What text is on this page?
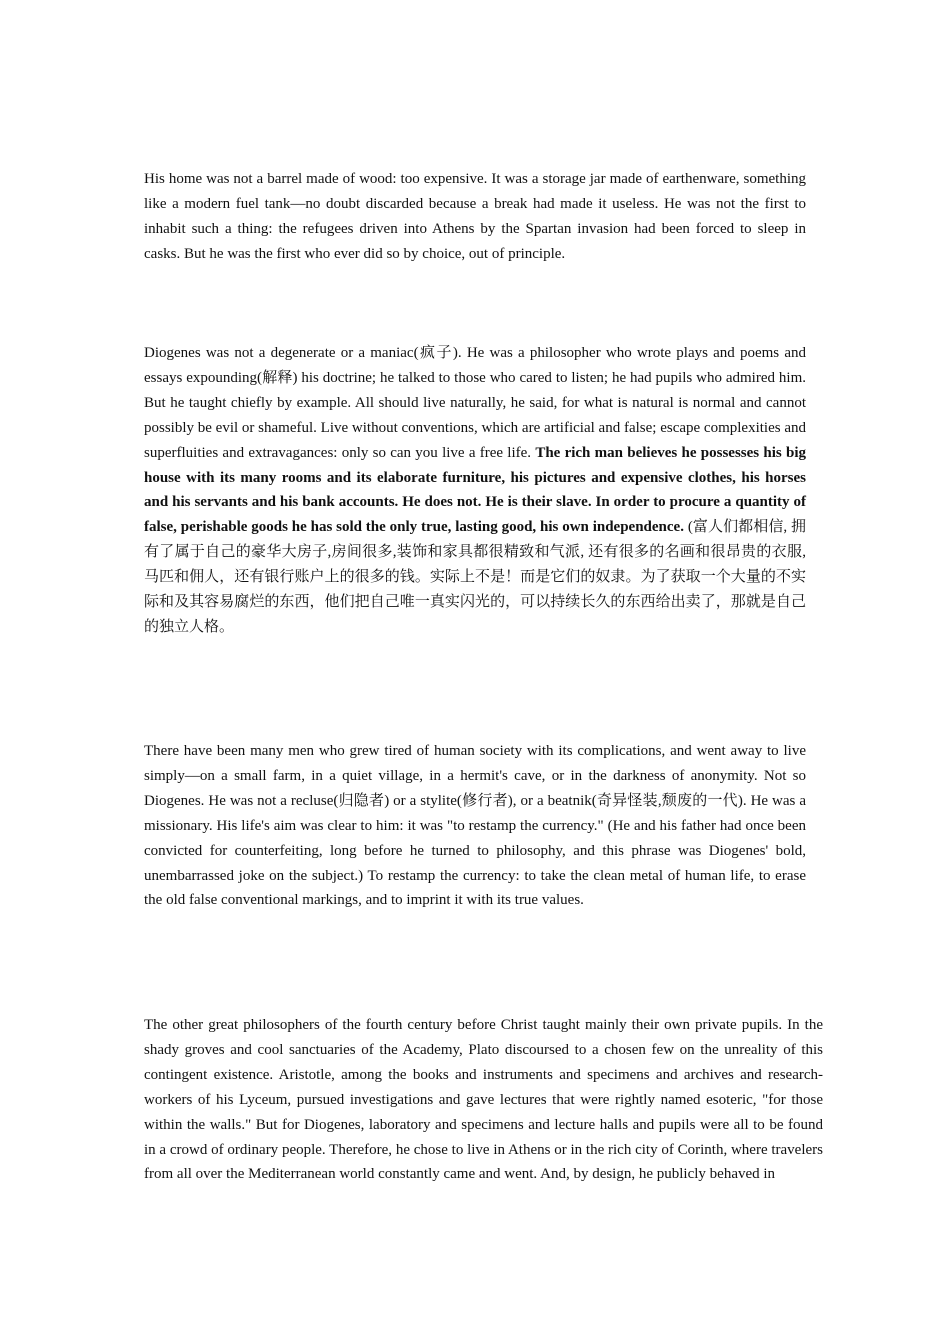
His home was not a barrel made of wood: too expensive. It was a storage jar made of earthenware, something like a modern fuel tank—no doubt discarded because a break had made it useless. He was not the first to inhabit such a thing: the refugees driven into Athens by the Spartan invasion had been forced to sleep in casks. But he was the first who ever did so by choice, out of principle.

Diogenes was not a degenerate or a maniac(疯子). He was a philosopher who wrote plays and poems and essays expounding(解释) his doctrine; he talked to those who cared to listen; he had pupils who admired him. But he taught chiefly by example. All should live naturally, he said, for what is natural is normal and cannot possibly be evil or shameful. Live without conventions, which are artificial and false; escape complexities and superfluities and extravagances: only so can you live a free life. The rich man believes he possesses his big house with its many rooms and its elaborate furniture, his pictures and expensive clothes, his horses and his servants and his bank accounts. He does not. He is their slave. In order to procure a quantity of false, perishable goods he has sold the only true, lasting good, his own independence. (富人们都相信, 拥有了属于自己的豪华大房子,房间很多,装饰和家具都很精致和气派, 还有很多的名画和很昂贵的衣服, 马匹和佣人，还有银行账户上的很多的钱。实际上不是！而是它们的奴隶。为了获取一个大量的不实际和及其容易腐烂的东西，他们把自己唯一真实闪光的，可以持续长久的东西给出卖了，那就是自己的独立人格。

There have been many men who grew tired of human society with its complications, and went away to live simply—on a small farm, in a quiet village, in a hermit's cave, or in the darkness of anonymity. Not so Diogenes. He was not a recluse(归隐者) or a stylite(修行者), or a beatnik(奇异怪装,颓废的一代). He was a missionary. His life's aim was clear to him: it was "to restamp the currency." (He and his father had once been convicted for counterfeiting, long before he turned to philosophy, and this phrase was Diogenes' bold, unembarrassed joke on the subject.) To restamp the currency: to take the clean metal of human life, to erase the old false conventional markings, and to imprint it with its true values.

The other great philosophers of the fourth century before Christ taught mainly their own private pupils. In the shady groves and cool sanctuaries of the Academy, Plato discoursed to a chosen few on the unreality of this contingent existence. Aristotle, among the books and instruments and specimens and archives and research-workers of his Lyceum, pursued investigations and gave lectures that were rightly named esoteric, "for those within the walls." But for Diogenes, laboratory and specimens and lecture halls and pupils were all to be found in a crowd of ordinary people. Therefore, he chose to live in Athens or in the rich city of Corinth, where travelers from all over the Mediterranean world constantly came and went. And, by design, he publicly behaved in
